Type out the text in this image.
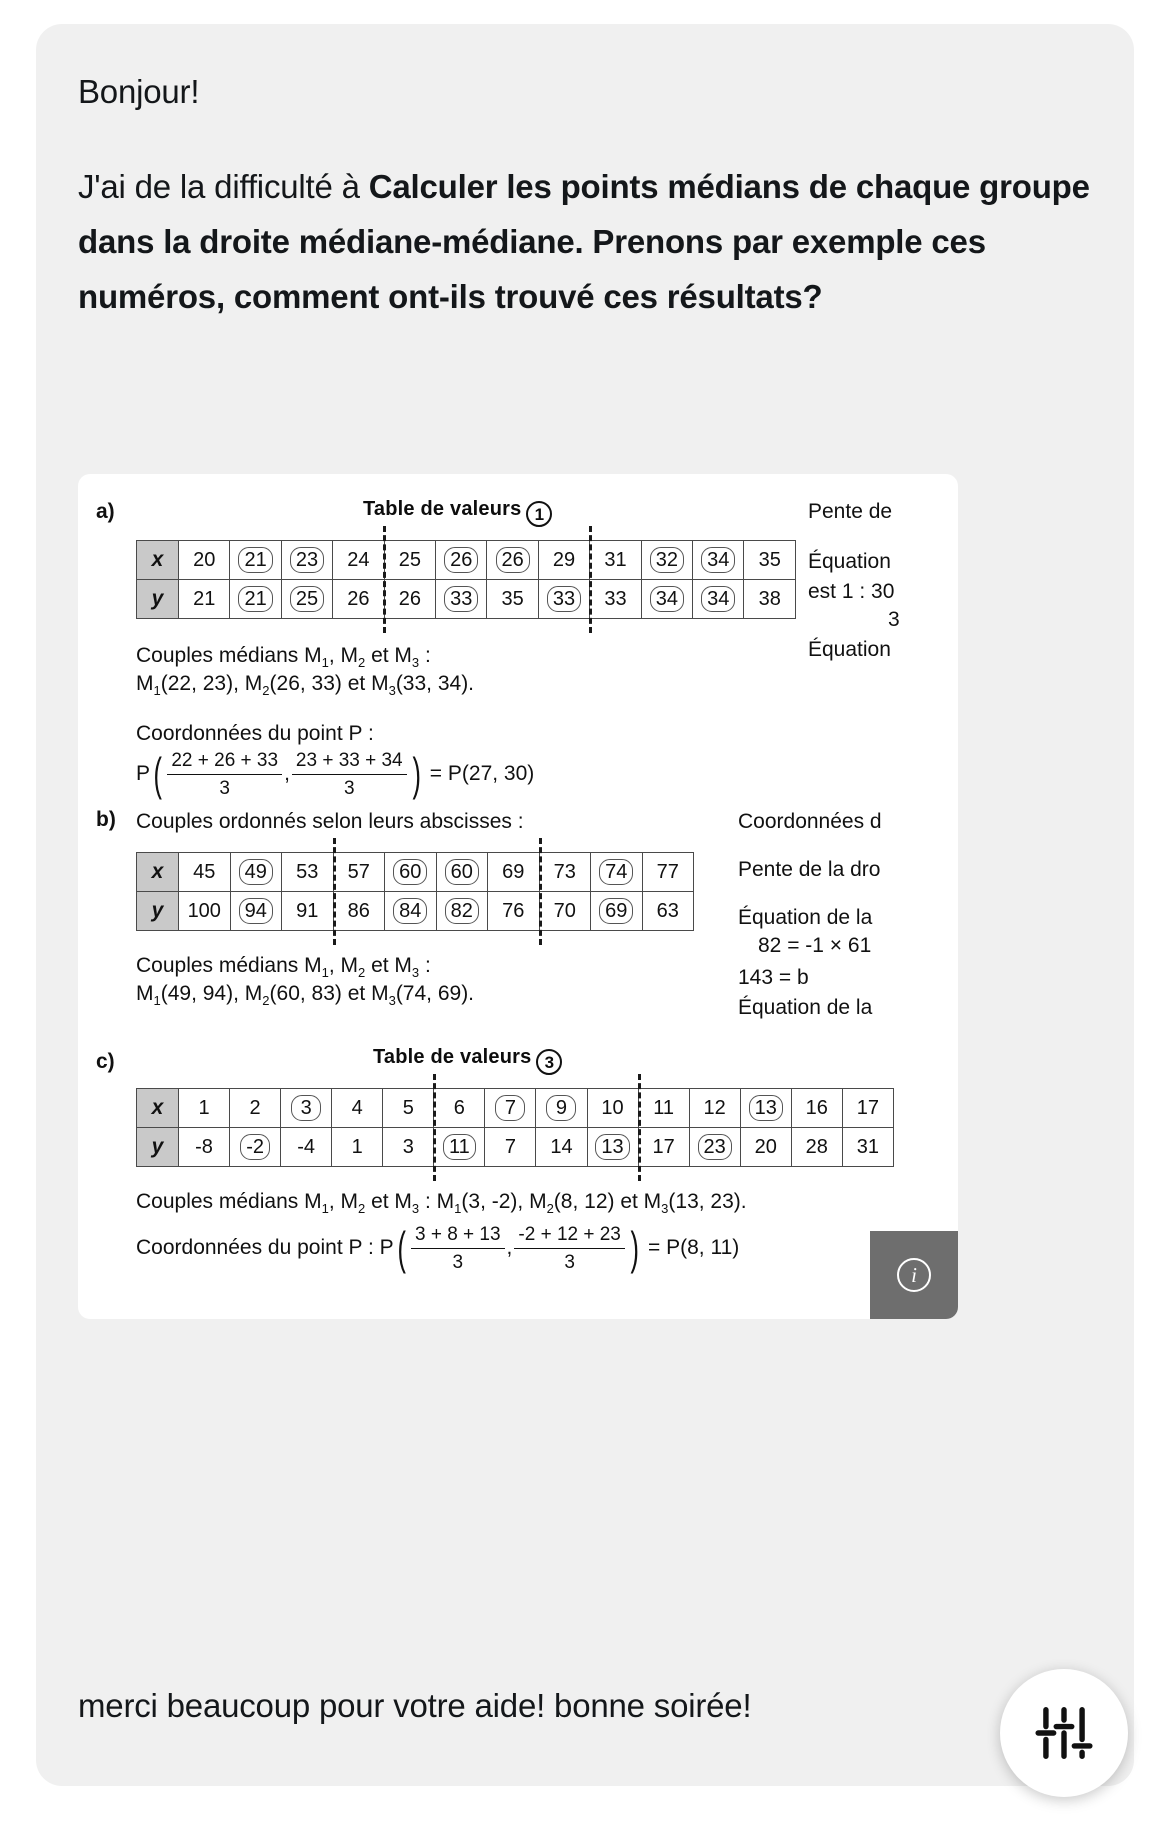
Bonjour!
J'ai de la difficulté à Calculer les points médians de chaque groupe dans la droite médiane-médiane. Prenons par exemple ces numéros, comment ont-ils trouvé ces résultats?
a)	Table de valeurs 1
x	20	21	23	24	25	26	26	29	31	32	34	35
y	21	21	25	26	26	33	35	33	33	34	34	38
Couples médians $M_1$, $M_2$ et $M_3$ :
$M_1(22$, 23), $M_2(26$, 33) et $M_3(33$, 34).
Coordonnées du point P :
$P( \frac{22 + 26 + 33}{3}$ , $\frac{23 + 33 + 34}{3}$ ) = P(27, 30)
Pente de
Équation
est 1 : 30
3
Équation
b) Couples ordonnés selon leurs abscisses :
x	45	49	53	57	60	60	69	73	74	77
y	100	94	91	86	84	82	76	70	69	63
Couples médians $M_1$, $M_2$ et $M_3$ :
$M_1(49$, 94), $M_2(60$, 83) et $M_3(74$, 69).
Coordonnées d
Pente de la dro
Équation de la
82 = -1 × 61
143 = b
Équation de la
c)	Table de valeurs 3
x	1	2	3	4	5	6	7	9	10	11	12	13	16	17
y	-8	-2	-4	1	3	11	7	14	13	17	23	20	28	31
Couples médians $M_1$, $M_2$ et $M_3$ : $M_1(3$, -2), $M_2(8$, 12) et $M_3(13$, 23).
Coordonnées du point P : $P( \frac{3 + 8 + 13}{3}$ , $\frac{-2 + 12 + 23}{3}$ ) = P(8, 11)
i
merci beaucoup pour votre aide! bonne soirée!
